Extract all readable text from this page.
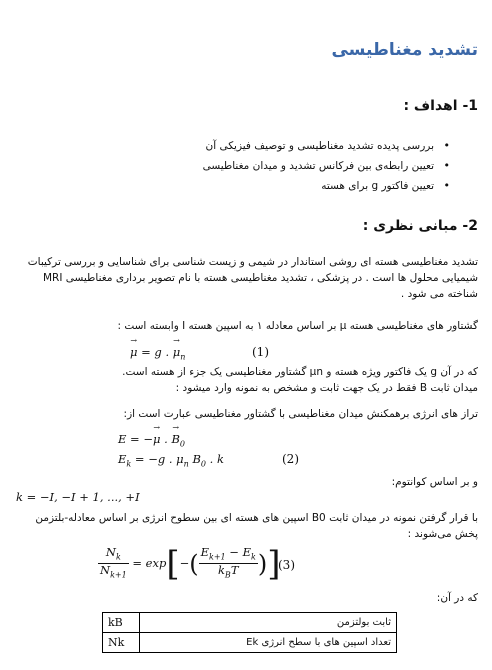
تشدید مغناطیسی
1- اهداف :
• بررسی پدیده تشدید مغناطیسی و توصیف فیزیکی آن
• تعیین رابطه‌ی بین فرکانس تشدید و میدان مغناطیسی
• تعیین فاکتور g برای هسته
2- مبانی نظری :
تشدید مغناطیسی هسته ای روشی استاندار در شیمی و زیست شناسی برای شناسایی و بررسی ترکیبات
شیمیایی محلول ها است . در پزشکی ، تشدید مغناطیسی هسته با نام تصویر برداری مغناطیسی MRI
شناخته می شود .
گشتاور های مغناطیسی هسته μ بر اساس معادله ۱ به اسپین هسته I وابسته است :
→ μ = g . → $\mu_n$	(1)
که در آن g یک فاکتور ویژه هسته و μn گشتاور مغناطیسی یک جزء از هسته است.
میدان ثابت B فقط در یک جهت ثابت و مشخص به نمونه وارد میشود :
تراز های انرژی برهمکنش میدان مغناطیسی با گشتاور مغناطیسی عبارت است از:
E = −→ μ . → $B_0$
$E_k = -g$ . $\mu_n$ $B_0$ . k	(2)
و بر اساس کوانتوم:
k = −I, −I + 1, ..., +I
با قرار گرفتن نمونه در میدان ثابت B0 اسپین های هسته ای بین سطوح انرژی بر اساس معادله-بلتزمن
پخش می‌شوند :
$\frac{N_k}{N_{k+1}} = \exp[-( \frac{E_{k+1} - E_k}{k_BT}$ )]
(3)
که در آن:
kB	ثابت بولتزمن
Nk	تعداد اسپین های با سطح انرژی Ek
